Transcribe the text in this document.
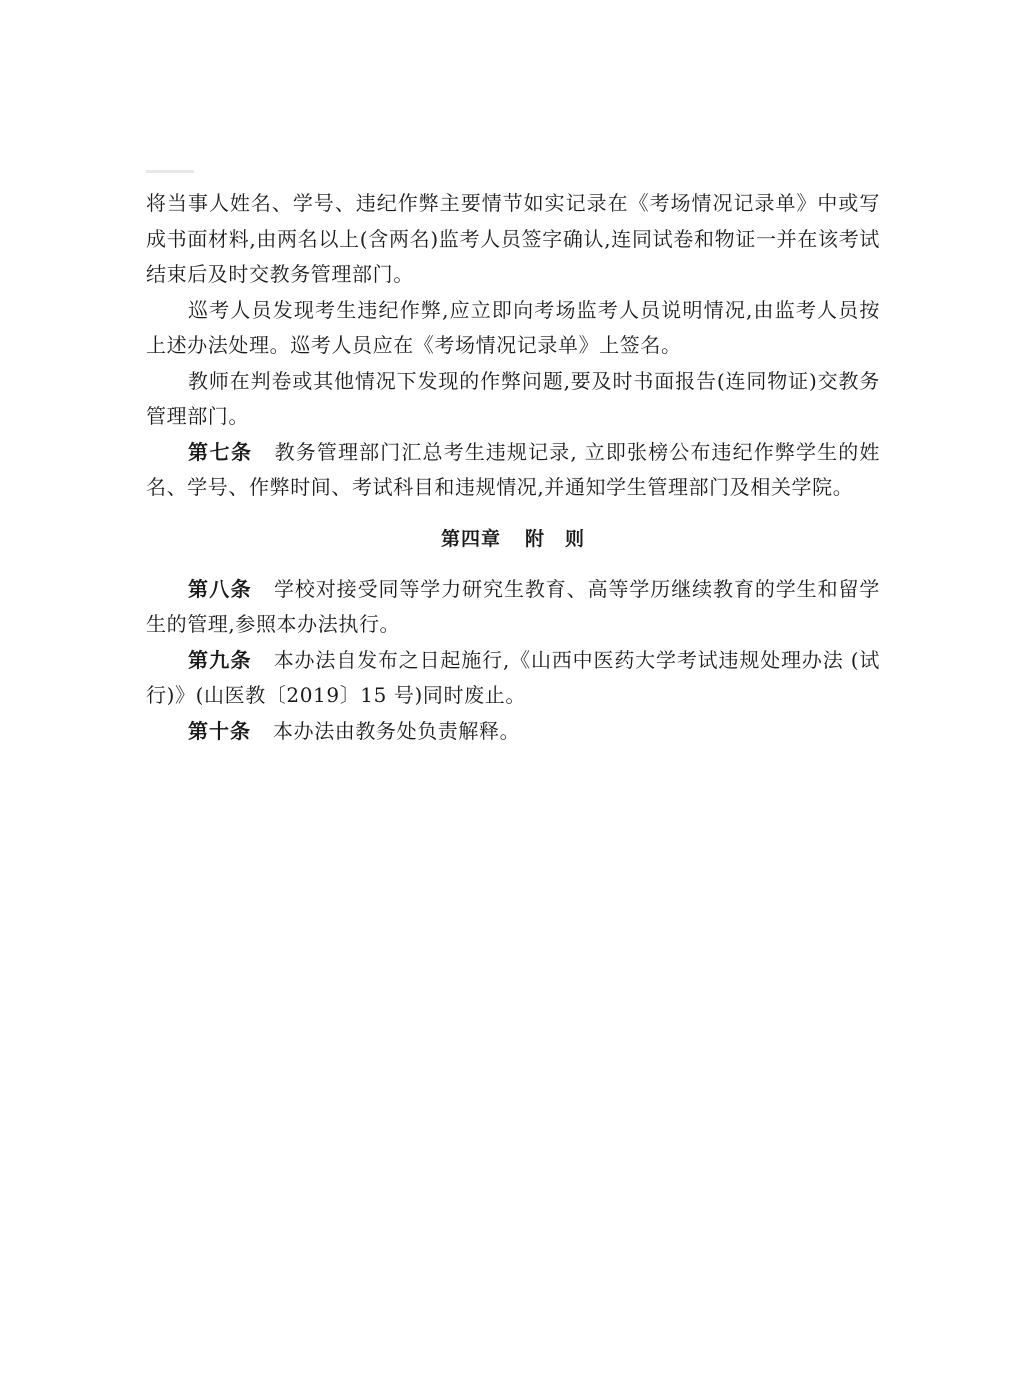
将当事人姓名、学号、违纪作弊主要情节如实记录在《考场情况记录单》中或写成书面材料,由两名以上(含两名)监考人员签字确认,连同试卷和物证一并在该考试结束后及时交教务管理部门。

巡考人员发现考生违纪作弊,应立即向考场监考人员说明情况,由监考人员按上述办法处理。巡考人员应在《考场情况记录单》上签名。

教师在判卷或其他情况下发现的作弊问题,要及时书面报告(连同物证)交教务管理部门。

第七条 教务管理部门汇总考生违规记录, 立即张榜公布违纪作弊学生的姓名、学号、作弊时间、考试科目和违规情况,并通知学生管理部门及相关学院。

第四章 附　则

第八条 学校对接受同等学力研究生教育、高等学历继续教育的学生和留学生的管理,参照本办法执行。

第九条 本办法自发布之日起施行,《山西中医药大学考试违规处理办法 (试行)》(山医教〔2019〕15 号)同时废止。

第十条 本办法由教务处负责解释。
